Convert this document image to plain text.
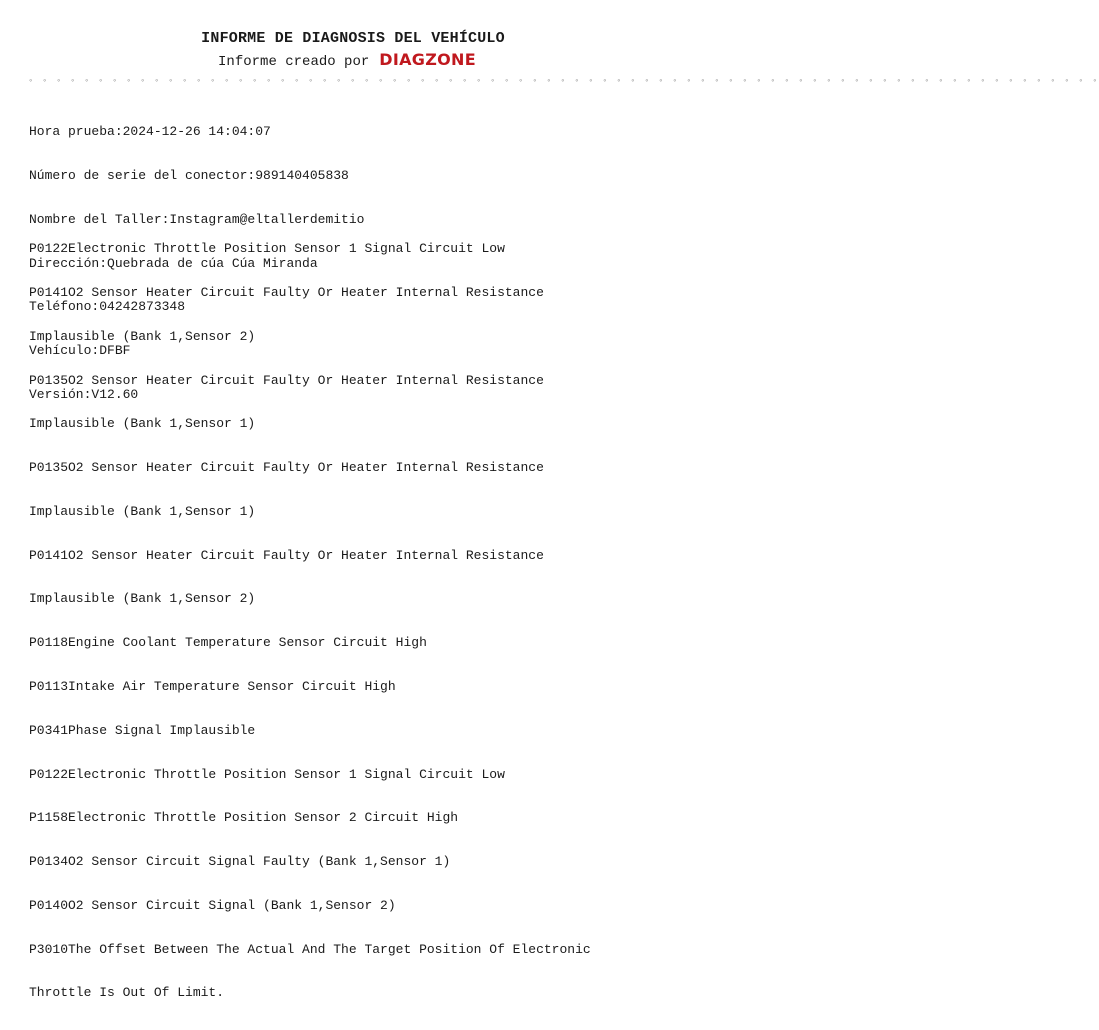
INFORME DE DIAGNOSIS DEL VEHÍCULO
Informe creado por DIAGZONE
◦ ◦ ◦ ◦ ◦ ◦ ◦ ◦ ◦ ◦ ◦ ◦ ◦ ◦ ◦ ◦ ◦ ◦ ◦ ◦ ◦ ◦ ◦ ◦ ◦ ◦ ◦ ◦ ◦ ◦ ◦ ◦ ◦ ◦ ◦ ◦ ◦ ◦ ◦ ◦ ◦ ◦ ◦ ◦ ◦ ◦ ◦ ◦ ◦ ◦ ◦ ◦ ◦ ◦ ◦ ◦ ◦ ◦ ◦ ◦ ◦ ◦ ◦ ◦ ◦ ◦ ◦ ◦ ◦ ◦ ◦ ◦ ◦ ◦ ◦ ◦ ◦

Hora prueba:2024-12-26 14:04:07

Número de serie del conector:989140405838

Nombre del Taller:Instagram@eltallerdemitio

Dirección:Quebrada de cúa Cúa Miranda

Teléfono:04242873348

Vehículo:DFBF

Versión:V12.60

P0122Electronic Throttle Position Sensor 1 Signal Circuit Low

P0141O2 Sensor Heater Circuit Faulty Or Heater Internal Resistance

Implausible (Bank 1,Sensor 2)

P0135O2 Sensor Heater Circuit Faulty Or Heater Internal Resistance

Implausible (Bank 1,Sensor 1)

P0135O2 Sensor Heater Circuit Faulty Or Heater Internal Resistance

Implausible (Bank 1,Sensor 1)

P0141O2 Sensor Heater Circuit Faulty Or Heater Internal Resistance

Implausible (Bank 1,Sensor 2)

P0118Engine Coolant Temperature Sensor Circuit High

P0113Intake Air Temperature Sensor Circuit High

P0341Phase Signal Implausible

P0122Electronic Throttle Position Sensor 1 Signal Circuit Low

P1158Electronic Throttle Position Sensor 2 Circuit High

P0134O2 Sensor Circuit Signal Faulty (Bank 1,Sensor 1)

P0140O2 Sensor Circuit Signal (Bank 1,Sensor 2)

P3010The Offset Between The Actual And The Target Position Of Electronic

Throttle Is Out Of Limit.
